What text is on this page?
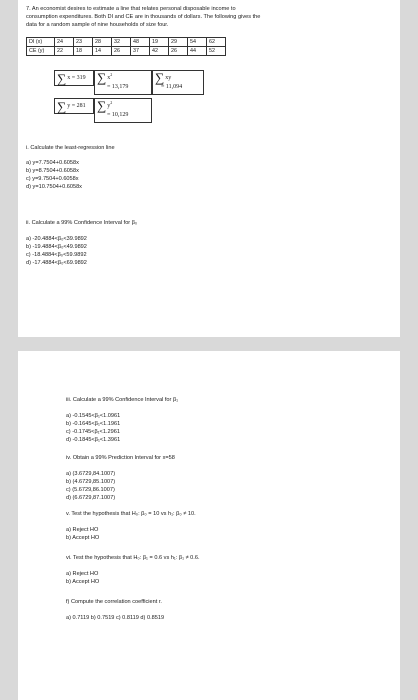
7. An economist desires to estimate a line that relates personal disposable income to
consumption expenditures. Both DI and CE are in thousands of dollars. The following gives the
data for a random sample of nine households of size four.
DI (x)	24	23	28	32	48	19	29	54	62
CE (y)	22	18	14	26	37	42	26	44	52
∑ x = 319 ∑ $x^2$
= 13,179
∑ xy
= 11,094
∑ y = 281 ∑ $y^2$
= 10,129
i. Calculate the least-regression line
a) y=7.7504+0.6058x
b) y=8.7504+0.6058x
c) y=9.7504+0.6058x
d) y=10.7504+0.6058x
ii. Calculate a 99% Confidence Interval for β₀
a) -20.4884<β₀<39.9892
b) -19.4884<β₀<49.9892
c) -18.4884<β₀<59.9892
d) -17.4884<β₀<69.9892
iii. Calculate a 99% Confidence Interval for β₁
a) -0.1545<β₁<1.0961
b) -0.1645<β₁<1.1961
c) -0.1745<β₁<1.2961
d) -0.1845<β₁<1.3961
iv. Obtain a 99% Prediction Interval for x=58
a) (3.6729,84.1007)
b) (4.6729,85.1007)
c) (5.6729,86.1007)
d) (6.6729,87.1007)
v. Test the hypothesis that H₀: β₀ = 10 vs h₁: β₀ ≠ 10.
a) Reject HO
b) Accept HO
vi. Test the hypothesis that H₀: β₁ = 0.6 vs h₁: β₁ ≠ 0.6.
a) Reject HO
b) Accept HO
f) Compute the correlation coefficient r.
a) 0.7119 b) 0.7519 c) 0.8119 d) 0.8519
